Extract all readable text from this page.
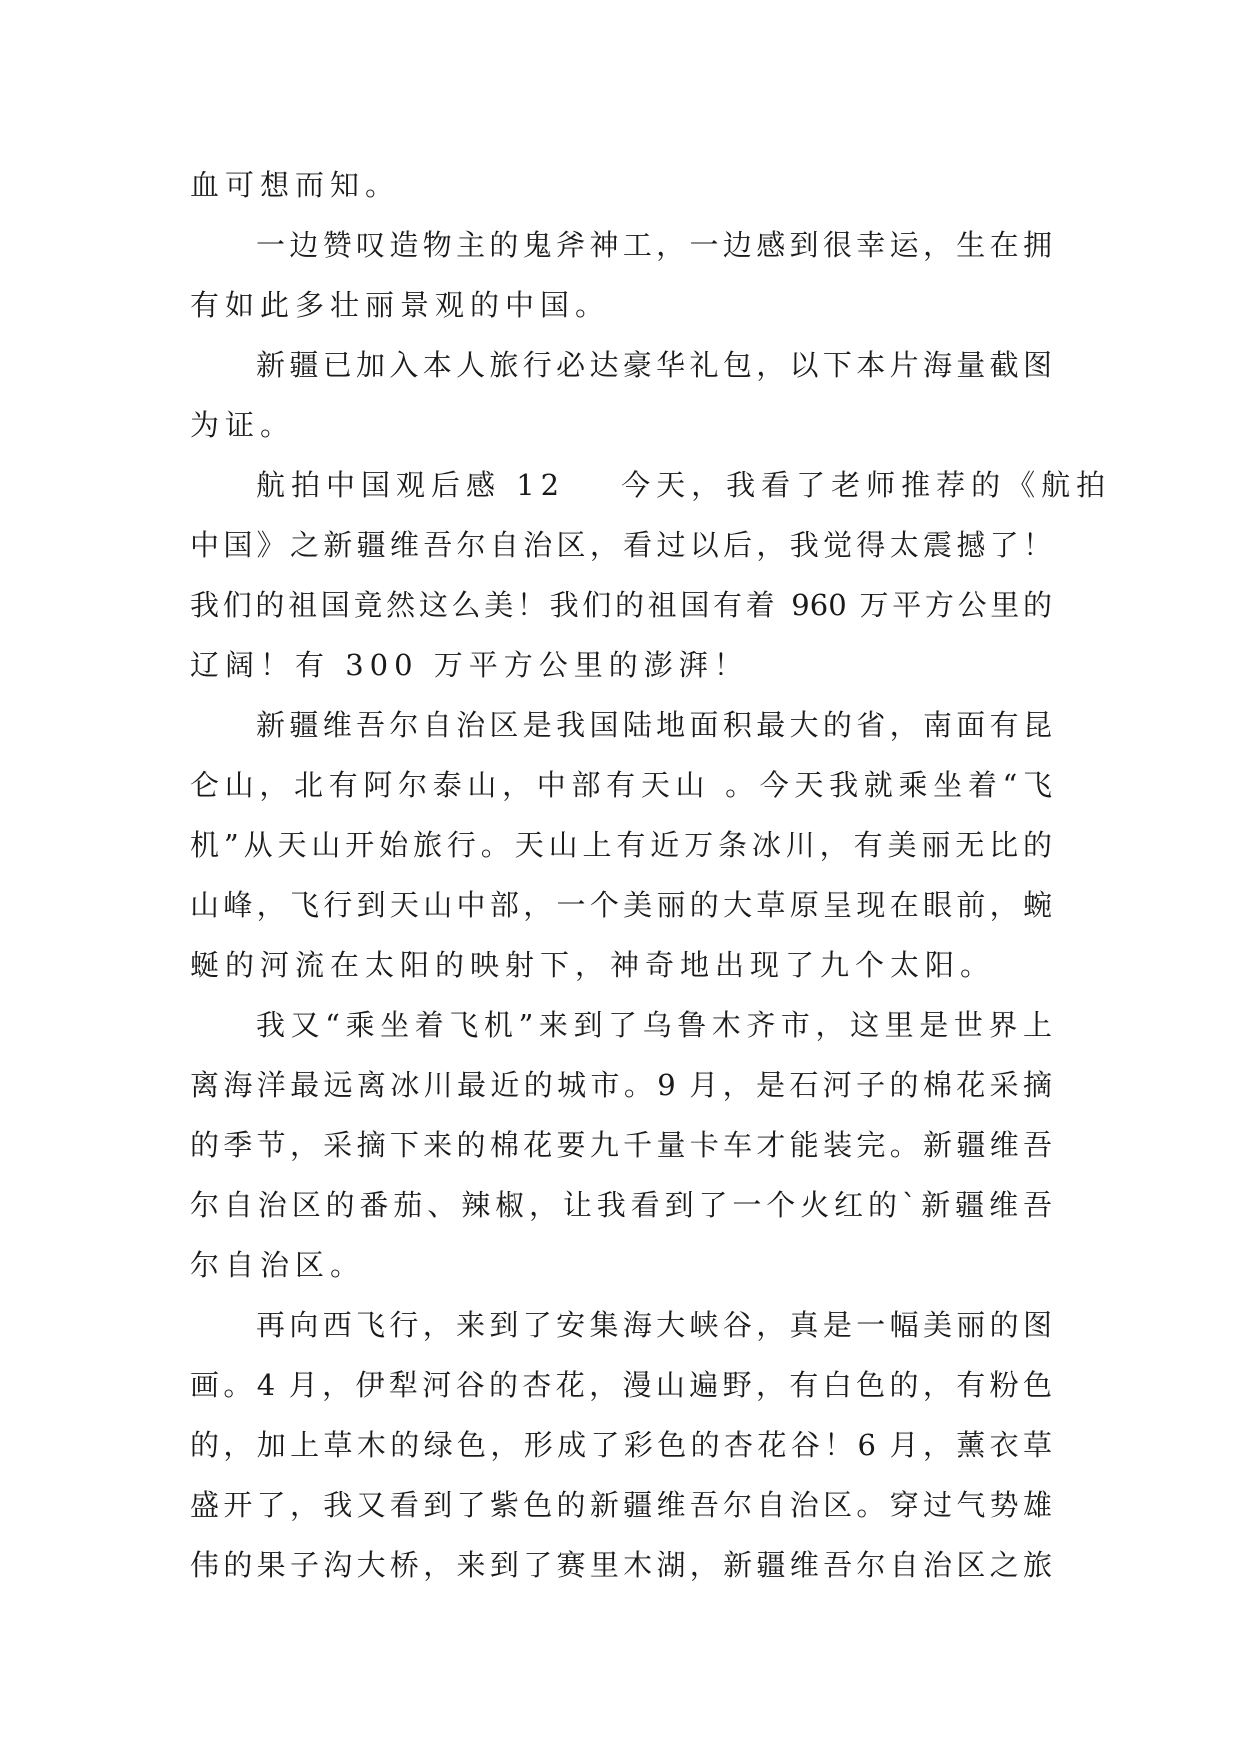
血可想而知。
一边赞叹造物主的鬼斧神工，一边感到很幸运，生在拥
有如此多壮丽景观的中国。
新疆已加入本人旅行必达豪华礼包，以下本片海量截图
为证。
航拍中国观后感 12 今天，我看了老师推荐的《航拍
中国》之新疆维吾尔自治区，看过以后，我觉得太震撼了！
我们的祖国竟然这么美！我们的祖国有着 960 万平方公里的
辽阔！有 300 万平方公里的澎湃！
新疆维吾尔自治区是我国陆地面积最大的省，南面有昆
仑山，北有阿尔泰山，中部有天山 。今天我就乘坐着“飞
机”从天山开始旅行。天山上有近万条冰川，有美丽无比的
山峰，飞行到天山中部，一个美丽的大草原呈现在眼前，蜿
蜒的河流在太阳的映射下，神奇地出现了九个太阳。
我又“乘坐着飞机”来到了乌鲁木齐市，这里是世界上
离海洋最远离冰川最近的城市。9 月，是石河子的棉花采摘
的季节，采摘下来的棉花要九千量卡车才能装完。新疆维吾
尔自治区的番茄、辣椒，让我看到了一个火红的`新疆维吾
尔自治区。
再向西飞行，来到了安集海大峡谷，真是一幅美丽的图
画。4 月，伊犁河谷的杏花，漫山遍野，有白色的，有粉色
的，加上草木的绿色，形成了彩色的杏花谷！6 月，薰衣草
盛开了，我又看到了紫色的新疆维吾尔自治区。穿过气势雄
伟的果子沟大桥，来到了赛里木湖，新疆维吾尔自治区之旅
